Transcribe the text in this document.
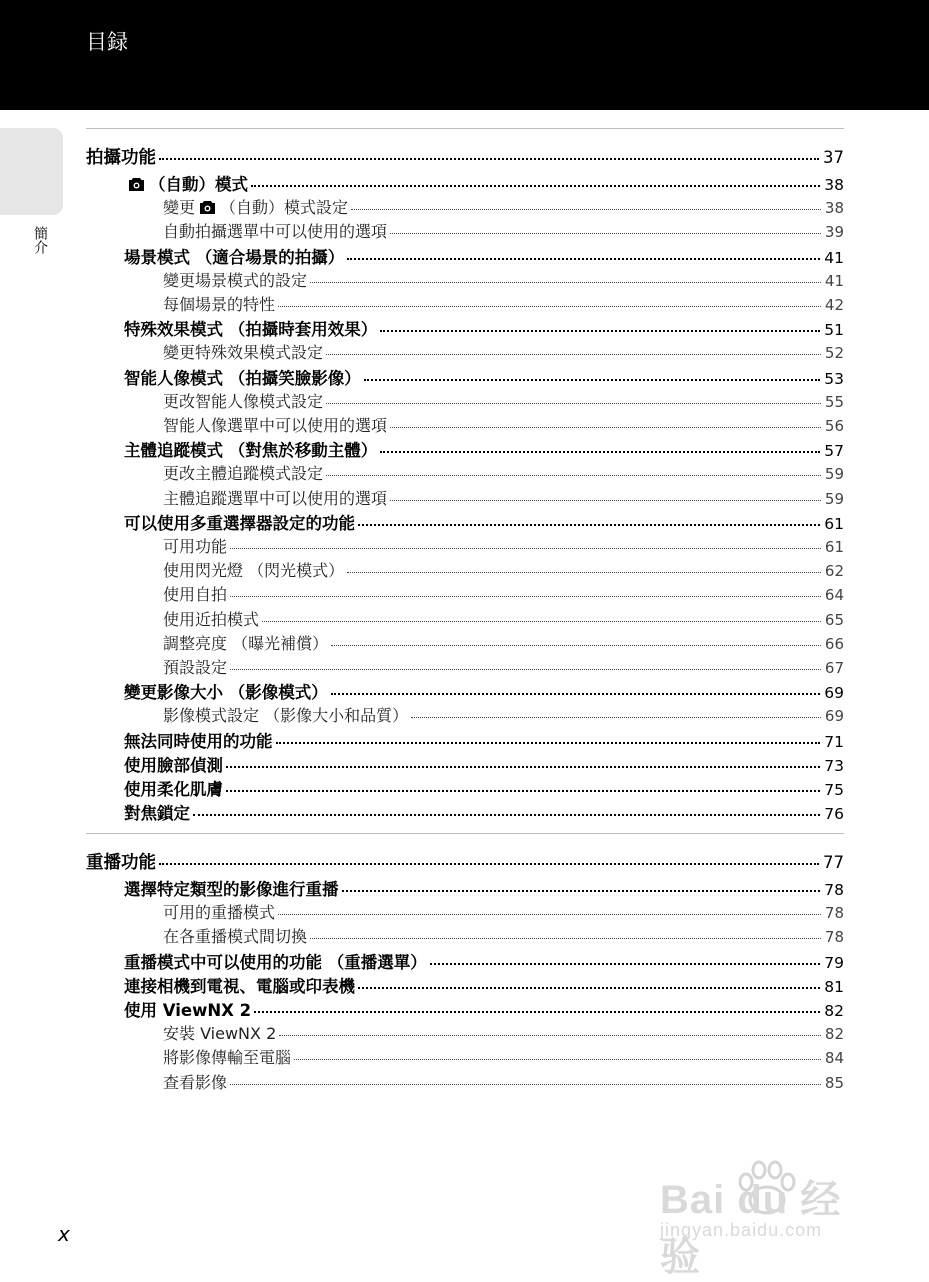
目録
簡介
拍攝功能	37
（自動）模式	38
變更 （自動）模式設定	38
自動拍攝選單中可以使用的選項	39
場景模式 （適合場景的拍攝）	41
變更場景模式的設定	41
每個場景的特性	42
特殊效果模式 （拍攝時套用效果）	51
變更特殊效果模式設定	52
智能人像模式 （拍攝笑臉影像）	53
更改智能人像模式設定	55
智能人像選單中可以使用的選項	56
主體追蹤模式 （對焦於移動主體）	57
更改主體追蹤模式設定	59
主體追蹤選單中可以使用的選項	59
可以使用多重選擇器設定的功能	61
可用功能	61
使用閃光燈 （閃光模式）	62
使用自拍	64
使用近拍模式	65
調整亮度 （曝光補償）	66
預設設定	67
變更影像大小 （影像模式）	69
影像模式設定 （影像大小和品質）	69
無法同時使用的功能	71
使用臉部偵測	73
使用柔化肌膚	75
對焦鎖定	76
重播功能	77
選擇特定類型的影像進行重播	78
可用的重播模式	78
在各重播模式間切換	78
重播模式中可以使用的功能 （重播選單）	79
連接相機到電視、電腦或印表機	81
使用 ViewNX 2	82
安裝 ViewNX 2	82
將影像傳輸至電腦	84
查看影像	85
x
Bai du 经验
jingyan.baidu.com
